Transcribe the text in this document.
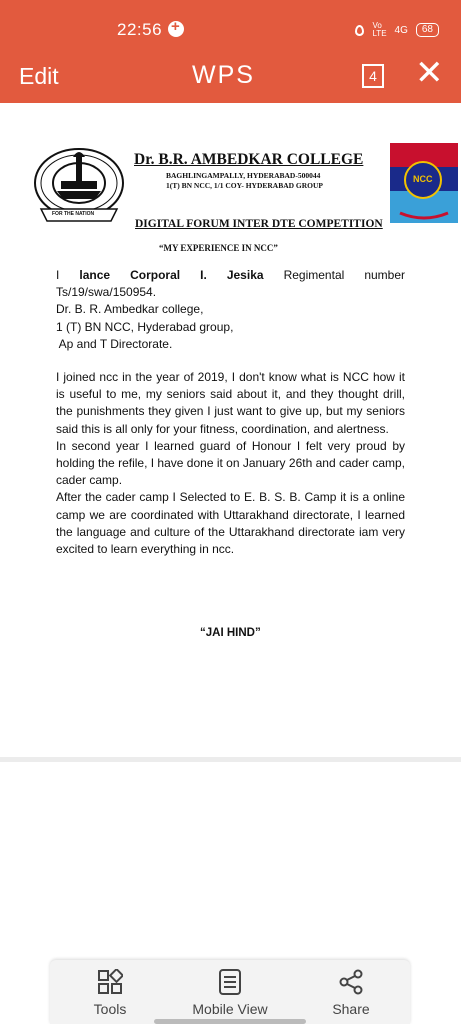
22:56
+	Vo
LTE 4G	68
Edit	WPS	4 ✕
FOR THE NATION
Dr. B.R. AMBEDKAR COLLEGE
BAGHLINGAMPALLY, HYDERABAD-500044
1(T) BN NCC, 1/1 COY- HYDERABAD GROUP
NCC
DIGITAL FORUM INTER DTE COMPETITION
“MY EXPERIENCE IN NCC”

I lance Corporal I. Jesika Regimental number Ts/19/swa/150954.

Dr. B. R. Ambedkar college,

1 (T) BN NCC, Hyderabad group,

Ap and T Directorate.

I joined ncc in the year of 2019, I don't know what is NCC how it is useful to me, my seniors said about it, and they thought drill, the punishments they given I just want to give up, but my seniors said this is all only for your fitness, coordination, and alertness.

In second year I learned guard of Honour I felt very proud by holding the refile, I have done it on January 26th and cader camp, cader camp.

After the cader camp I Selected to E. B. S. B. Camp it is a online camp we are coordinated with Uttarakhand directorate, I learned the language and culture of the Uttarakhand directorate iam very excited to learn everything in ncc.

“JAI HIND”
Tools	Mobile View	Share
